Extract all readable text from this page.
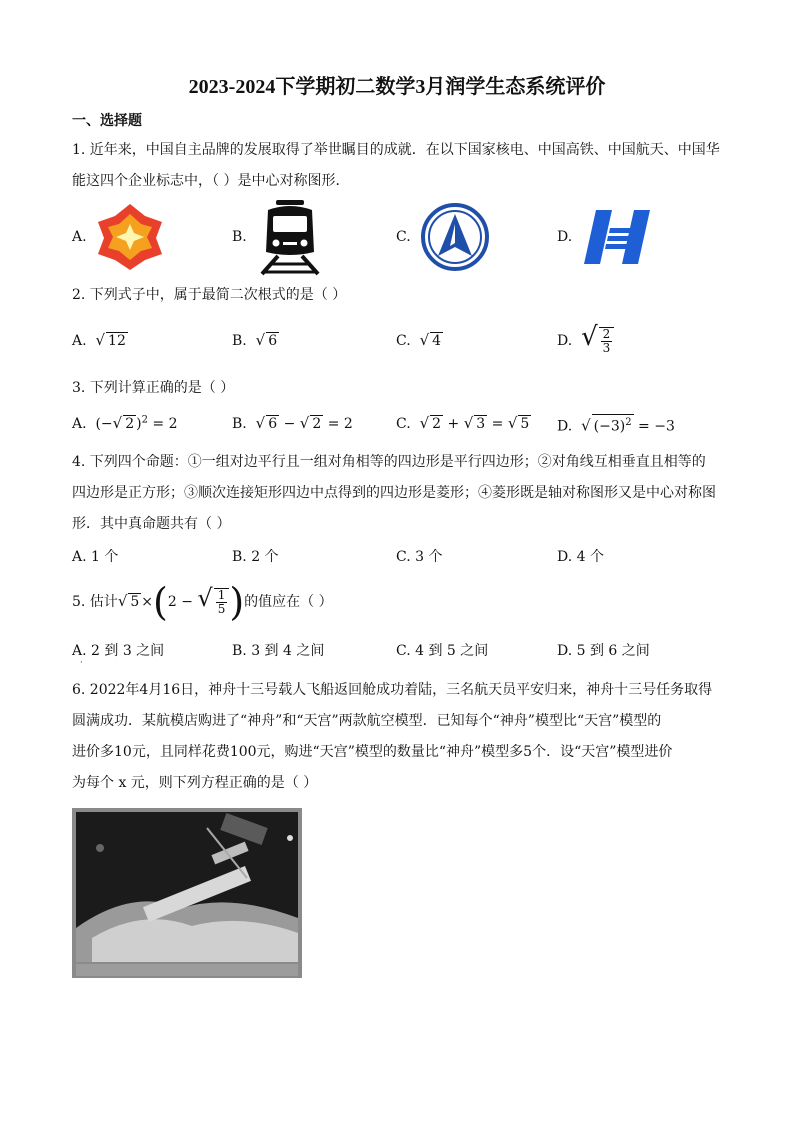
2023-2024下学期初二数学3月润学生态系统评价
一、选择题
1. 近年来，中国自主品牌的发展取得了举世瞩目的成就．在以下国家核电、中国高铁、中国航天、中国华
能这四个企业标志中，（ ）是中心对称图形．
A.	B.	C.	D.
2. 下列式子中，属于最简二次根式的是（ ）
A. √ 12	B. √ 6	C. √ 4	D. √ $\frac{2}{3}$
3. 下列计算正确的是（ ）
A.  (−√ 2 )$^2$ = 2	B. √ 6 − √ 2 = 2	C. √ 2 + √ 3 = √ 5 D. √ $(-3)^2 = -3$
4. 下列四个命题：①一组对边平行且一组对角相等的四边形是平行四边形；②对角线互相垂直且相等的
四边形是正方形；③顺次连接矩形四边中点得到的四边形是菱形；④菱形既是轴对称图形又是中心对称图
形．其中真命题共有（ ）
A. 1 个	B. 2 个	C. 3 个	D. 4 个
5. 估计√ 5 ×(2 − √ $\frac{1}{5}$ )的值应在（ ）
A. 2 到 3 之间	B. 3 到 4 之间	C. 4 到 5 之间	D. 5 到 6 之间
·
6. 2022年4月16日，神舟十三号载人飞船返回舱成功着陆，三名航天员平安归来，神舟十三号任务取得
圆满成功．某航模店购进了“神舟”和“天宫”两款航空模型．已知每个“神舟”模型比“天宫”模型的
进价多10元，且同样花费100元，购进“天宫”模型的数量比“神舟”模型多5个．设“天宫”模型进价
为每个 x 元，则下列方程正确的是（ ）
